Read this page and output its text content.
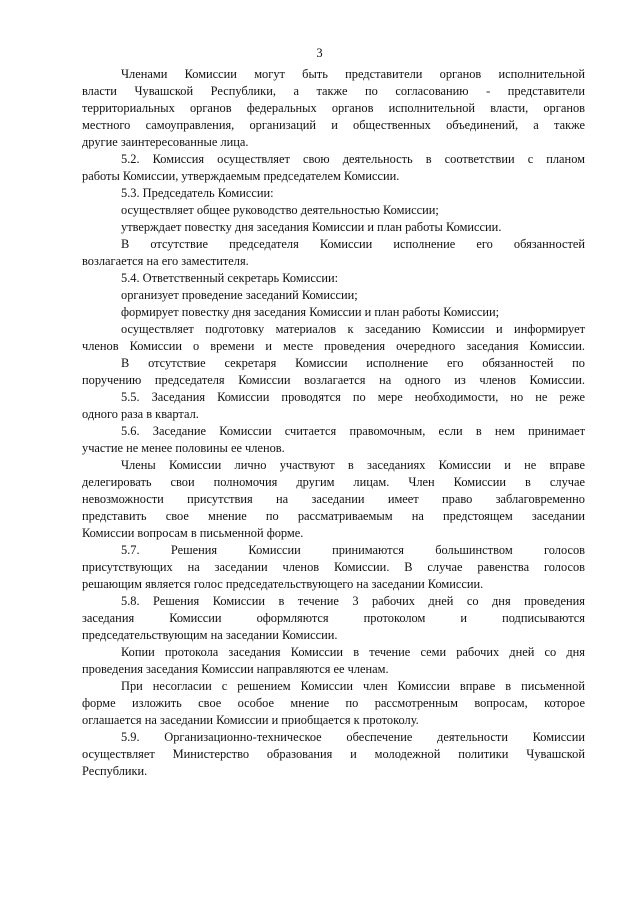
3
Членами Комиссии могут быть представители органов исполнительной
власти Чувашской Республики, а также по согласованию - представители
территориальных органов федеральных органов исполнительной власти, органов
местного самоуправления, организаций и общественных объединений, а также
другие заинтересованные лица.
5.2. Комиссия осуществляет свою деятельность в соответствии с планом
работы Комиссии, утверждаемым председателем Комиссии.
5.3. Председатель Комиссии:
осуществляет общее руководство деятельностью Комиссии;
утверждает повестку дня заседания Комиссии и план работы Комиссии.
В отсутствие председателя Комиссии исполнение его обязанностей
возлагается на его заместителя.
5.4. Ответственный секретарь Комиссии:
организует проведение заседаний Комиссии;
формирует повестку дня заседания Комиссии и план работы Комиссии;
осуществляет подготовку материалов к заседанию Комиссии и информирует
членов Комиссии о времени и месте проведения очередного заседания Комиссии.
В отсутствие секретаря Комиссии исполнение его обязанностей по
поручению председателя Комиссии возлагается на одного из членов Комиссии.
5.5. Заседания Комиссии проводятся по мере необходимости, но не реже
одного раза в квартал.
5.6. Заседание Комиссии считается правомочным, если в нем принимает
участие не менее половины ее членов.
Члены Комиссии лично участвуют в заседаниях Комиссии и не вправе
делегировать свои полномочия другим лицам. Член Комиссии в случае
невозможности присутствия на заседании имеет право заблаговременно
представить свое мнение по рассматриваемым на предстоящем заседании
Комиссии вопросам в письменной форме.
5.7. Решения Комиссии принимаются большинством голосов
присутствующих на заседании членов Комиссии. В случае равенства голосов
решающим является голос председательствующего на заседании Комиссии.
5.8. Решения Комиссии в течение 3 рабочих дней со дня проведения
заседания Комиссии оформляются протоколом и подписываются
председательствующим на заседании Комиссии.
Копии протокола заседания Комиссии в течение семи рабочих дней со дня
проведения заседания Комиссии направляются ее членам.
При несогласии с решением Комиссии член Комиссии вправе в письменной
форме изложить свое особое мнение по рассмотренным вопросам, которое
оглашается на заседании Комиссии и приобщается к протоколу.
5.9. Организационно-техническое обеспечение деятельности Комиссии
осуществляет Министерство образования и молодежной политики Чувашской
Республики.
